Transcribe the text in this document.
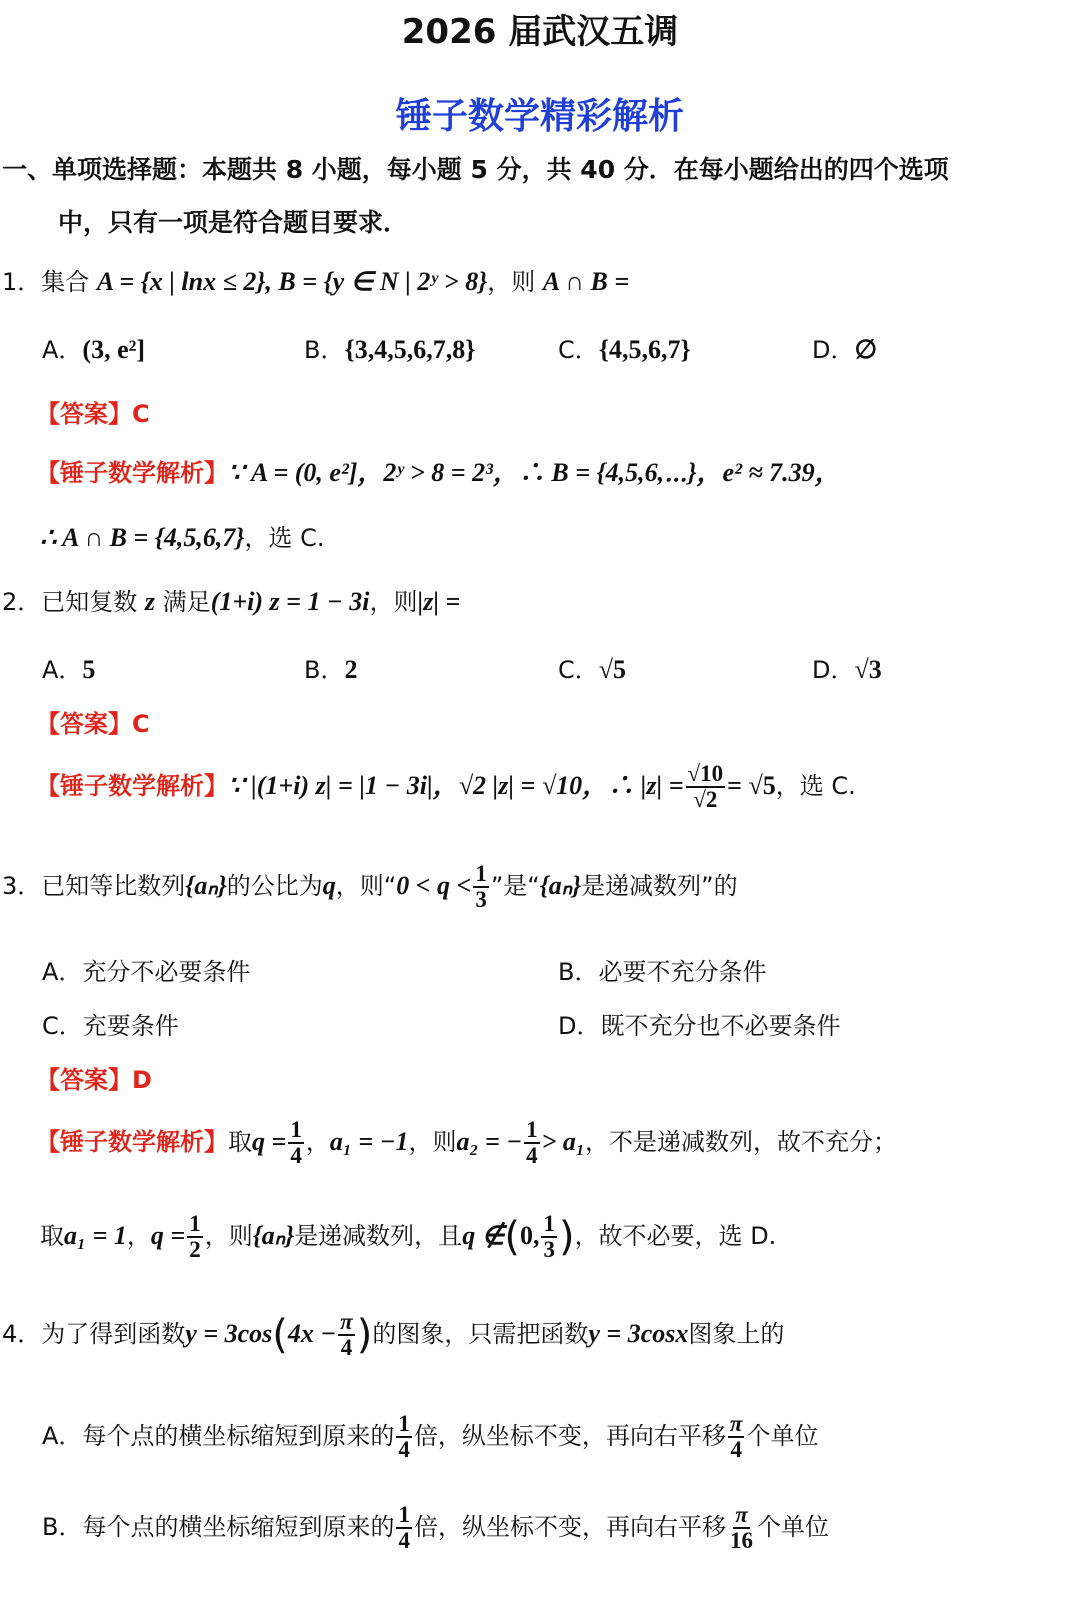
2026 届武汉五调
锤子数学精彩解析
一、单项选择题：本题共 8 小题，每小题 5 分，共 40 分．在每小题给出的四个选项
中，只有一项是符合题目要求．
1．集合 A = {x | lnx ≤ 2}, B = {y ∈ N | 2ʸ > 8}，则 A ∩ B =
A．(3, e²]	B．{3,4,5,6,7,8}	C．{4,5,6,7}	D．∅
【答案】C
【锤子数学解析】∵ A = (0, e²]，2ʸ > 8 = 2³，∴ B = {4,5,6,⋯}，e² ≈ 7.39，
∴ A ∩ B = {4,5,6,7}，选 C.
2．已知复数 z 满足(1+i) z = 1 − 3i，则|z| =
A．5	B．2	C．√5	D．√3
【答案】C
【锤子数学解析】∵ |(1+i) z| = |1 − 3i|，√2 |z| = √10，∴ $|z| = \frac{√10}{√2} = √5$，选 C.
3．已知等比数列{aₙ}的公比为q，则“$0 < q < \frac{1}{3}$ ”是“{aₙ}是递减数列”的
A．充分不必要条件	B．必要不充分条件
C．充要条件	D．既不充分也不必要条件
【答案】D
【锤子数学解析】取$q = \frac{1}{4}$ ，a₁ = −1，则a₂ = − $\frac{1}{4} > a_1$，不是递减数列，故不充分；
取a₁ = 1，$q = \frac{1}{2}$ ，则{aₙ}是递减数列，且q ∉(0, $\frac{1}{3}$ )，故不必要，选 D.
4．为了得到函数$y = 3\cos(4x - \frac{\pi}{4}$ )的图象，只需把函数y = 3cosx图象上的
A．每个点的横坐标缩短到原来的 $\frac{1}{4}$ 倍，纵坐标不变，再向右平移 $\frac{\pi}{4}$ 个单位
B．每个点的横坐标缩短到原来的 $\frac{1}{4}$ 倍，纵坐标不变，再向右平移 $\frac{\pi}{16}$ 个单位
